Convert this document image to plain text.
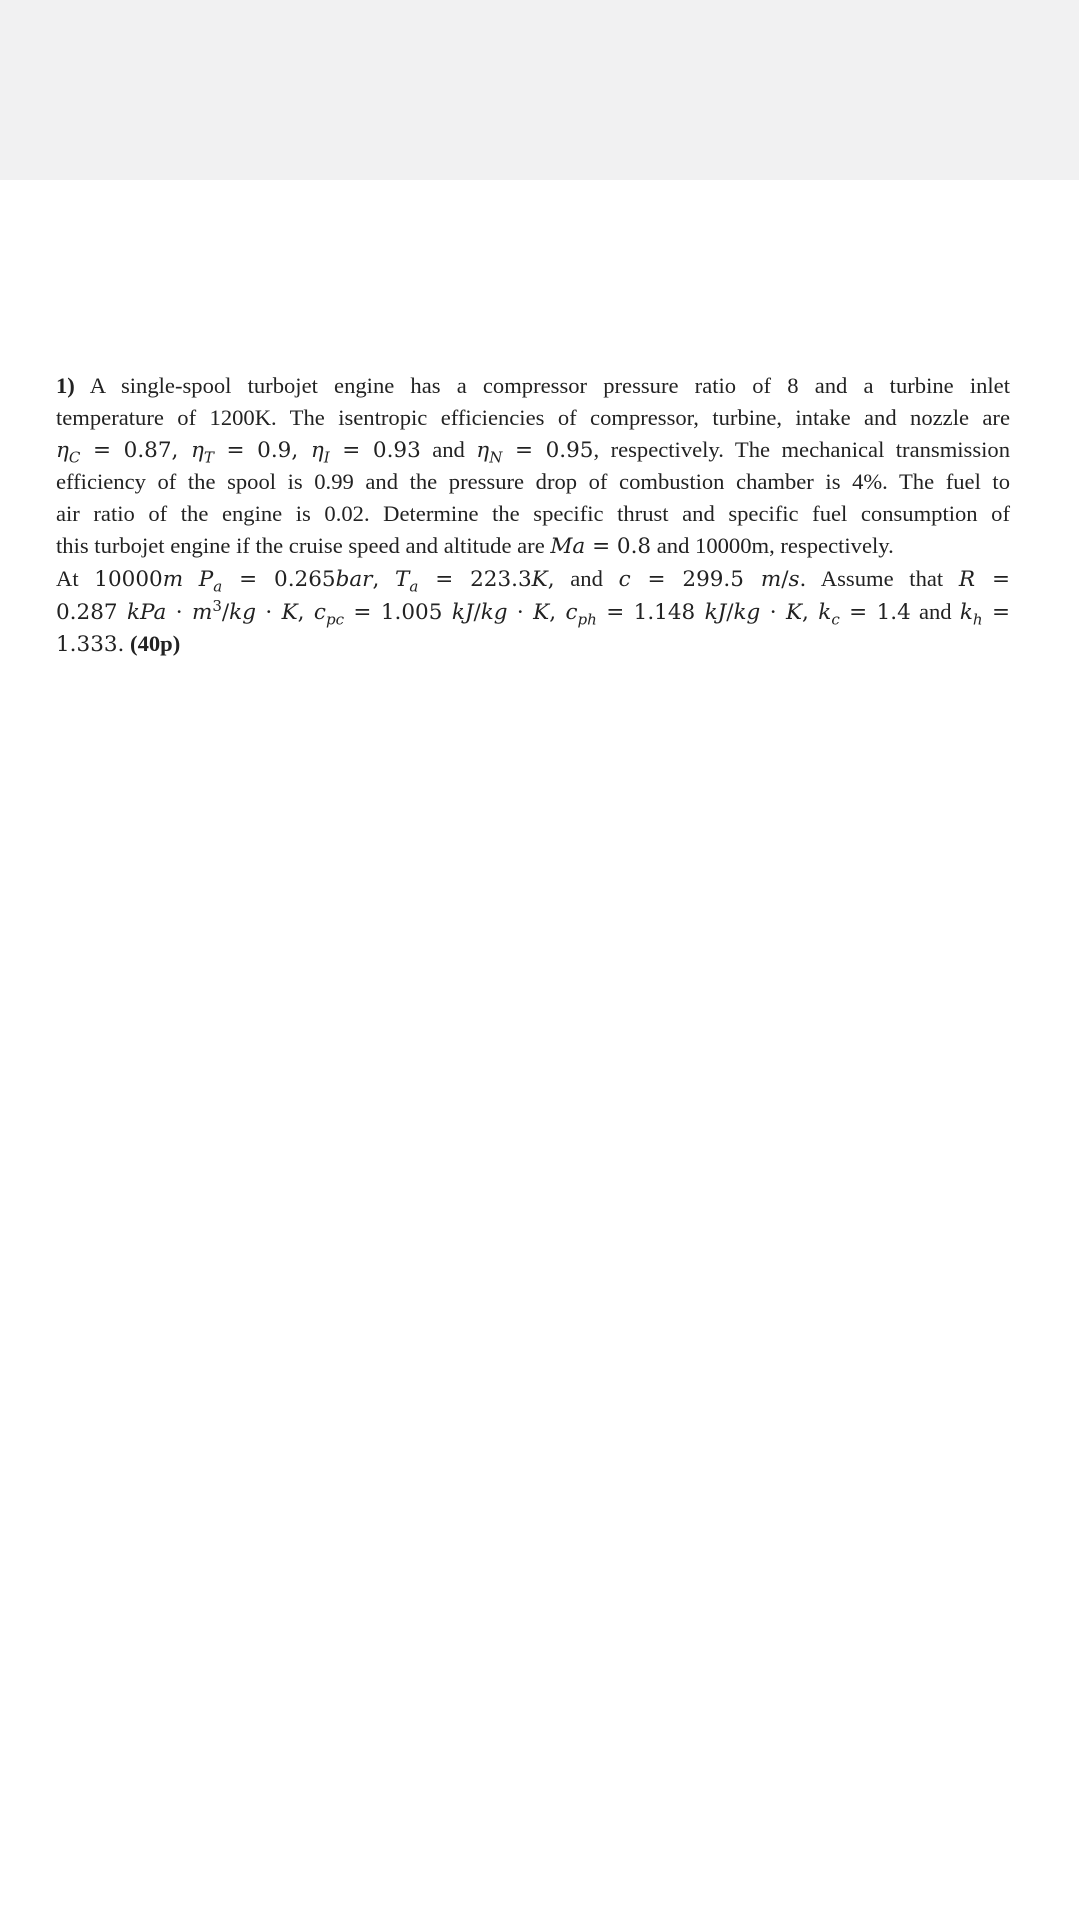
1) A single-spool turbojet engine has a compressor pressure ratio of 8 and a turbine inlet
temperature of 1200K. The isentropic efficiencies of compressor, turbine, intake and nozzle are
$\eta_C = 0.87$, $\eta_T = 0.9$, $\eta_I = 0.93$ and $\eta_N = 0.95$, respectively. The mechanical transmission
efficiency of the spool is 0.99 and the pressure drop of combustion chamber is 4%. The fuel to
air ratio of the engine is 0.02. Determine the specific thrust and specific fuel consumption of
this turbojet engine if the cruise speed and altitude are Ma = 0.8 and 10000m, respectively.
At 10000m $P_a = 0.265bar$, $T_a = 223.3K$, and c = 299.5 m/s. Assume that R =
0.287 kPa · $m^3/kg \cdot K$, $c_{pc} = 1.005$ kJ/kg · K, $c_{ph} = 1.148$ kJ/kg · K, $k_c = 1.4$ and $k_h$ =
1.333. (40p)
